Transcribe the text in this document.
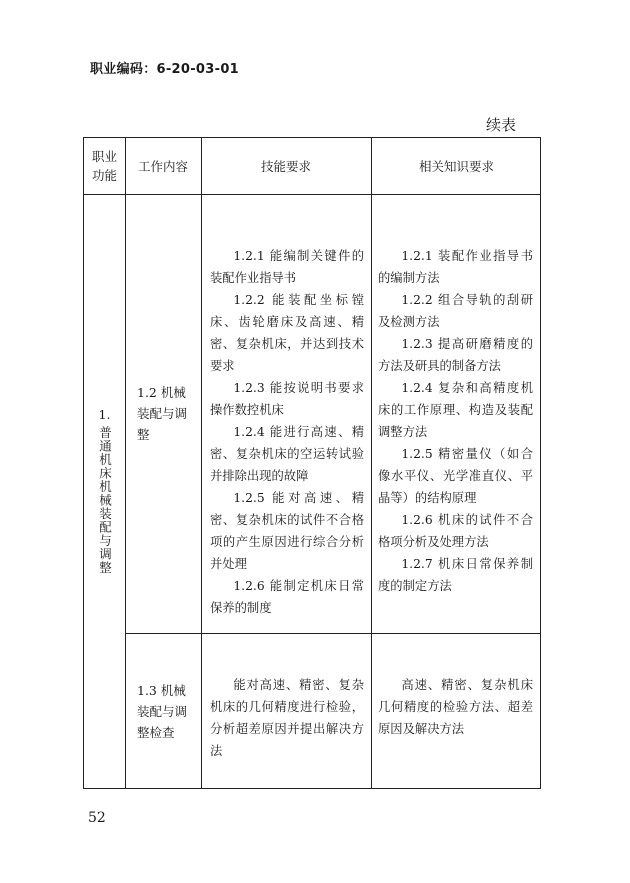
职业编码：6-20-03-01
续表
职业
功能
工作内容	技能要求	相关知识要求
1.
普通机床机械装配与调整
1.2 机械装配与调整

1.2.1 能编制关键件的装配作业指导书

1.2.2 能装配坐标镗床、齿轮磨床及高速、精密、复杂机床，并达到技术要求

1.2.3 能按说明书要求操作数控机床

1.2.4 能进行高速、精密、复杂机床的空运转试验并排除出现的故障

1.2.5 能对高速、精密、复杂机床的试件不合格项的产生原因进行综合分析并处理

1.2.6 能制定机床日常保养的制度

1.2.1 装配作业指导书的编制方法

1.2.2 组合导轨的刮研及检测方法

1.2.3 提高研磨精度的方法及研具的制备方法

1.2.4 复杂和高精度机床的工作原理、构造及装配调整方法

1.2.5 精密量仪（如合像水平仪、光学准直仪、平晶等）的结构原理

1.2.6 机床的试件不合格项分析及处理方法

1.2.7 机床日常保养制度的制定方法

1.3 机械装配与调整检查

能对高速、精密、复杂机床的几何精度进行检验，分析超差原因并提出解决方法

高速、精密、复杂机床几何精度的检验方法、超差原因及解决方法

52
